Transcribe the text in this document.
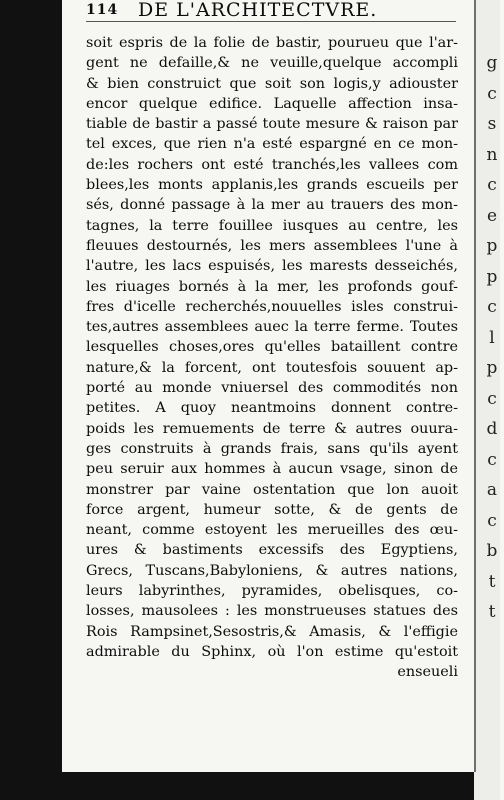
114 DE L'ARCHITECTVRE.
soit espris de la folie de bastir, pourueu que l'ar-
gent ne defaille,& ne veuille,quelque accompli
& bien construict que soit son logis,y adiouster
encor quelque edifice. Laquelle affection insa-
tiable de bastir a passé toute mesure & raison par
tel exces, que rien n'a esté espargné en ce mon-
de:les rochers ont esté tranchés,les vallees com
blees,les monts applanis,les grands escueils per
sés, donné passage à la mer au trauers des mon-
tagnes, la terre fouillee iusques au centre, les
fleuues destournés, les mers assemblees l'une à
l'autre, les lacs espuisés, les marests desseichés,
les riuages bornés à la mer, les profonds gouf-
fres d'icelle recherchés,nouuelles isles construi-
tes,autres assemblees auec la terre ferme. Toutes
lesquelles choses,ores qu'elles bataillent contre
nature,& la forcent, ont toutesfois souuent ap-
porté au monde vniuersel des commodités non
petites. A quoy neantmoins donnent contre-
poids les remuements de terre & autres ouura-
ges construits à grands frais, sans qu'ils ayent
peu seruir aux hommes à aucun vsage, sinon de
monstrer par vaine ostentation que lon auoit
force argent, humeur sotte, & de gents de
neant, comme estoyent les merueilles des œu-
ures & bastiments excessifs des Egyptiens,
Grecs, Tuscans,Babyloniens, & autres nations,
leurs labyrinthes, pyramides, obelisques, co-
losses, mausolees : les monstrueuses statues des
Rois Rampsinet,Sesostris,& Amasis, & l'effigie
admirable du Sphinx, où l'on estime qu'estoit
enseueli
g
c
s
n
c
e
p
p
c
l
p
c
d
c
a
c
b
t
t
